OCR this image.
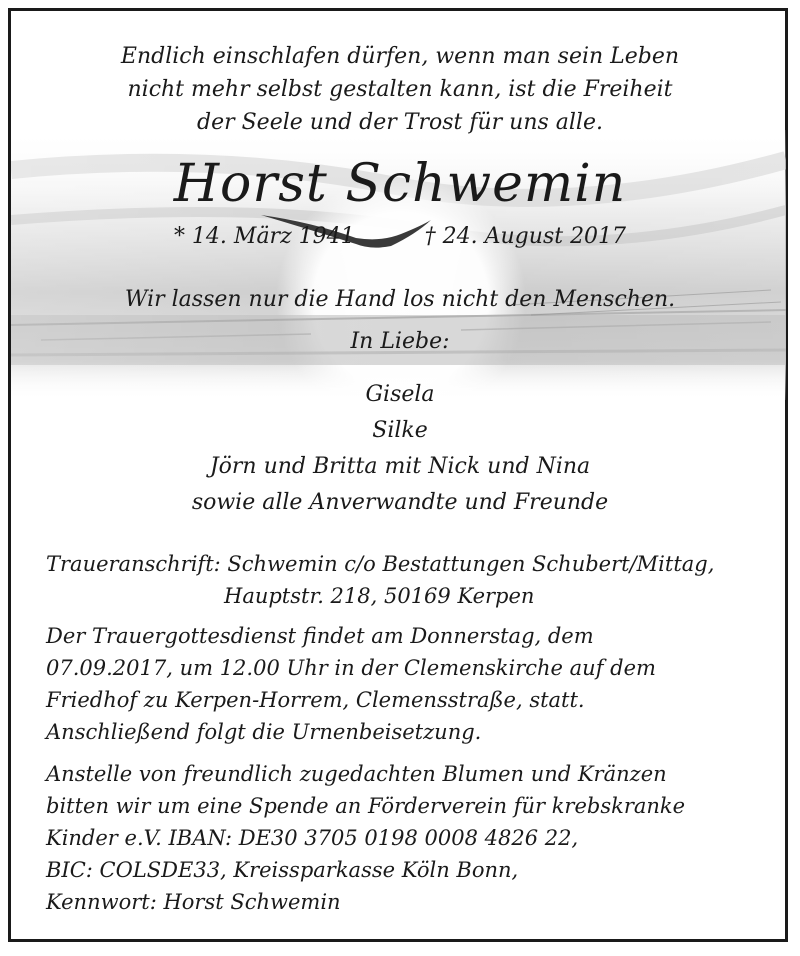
Endlich einschlafen dürfen, wenn man sein Leben
nicht mehr selbst gestalten kann, ist die Freiheit
der Seele und der Trost für uns alle.
Horst Schwemin
* 14. März 1941	† 24. August 2017
Wir lassen nur die Hand los nicht den Menschen.
In Liebe:
Gisela
Silke
Jörn und Britta mit Nick und Nina
sowie alle Anverwandte und Freunde
Traueranschrift: Schwemin c/o Bestattungen Schubert/Mittag,
Hauptstr. 218, 50169 Kerpen
Der Trauergottesdienst findet am Donnerstag, dem
07.09.2017, um 12.00 Uhr in der Clemenskirche auf dem
Friedhof zu Kerpen-Horrem, Clemensstraße, statt.
Anschließend folgt die Urnenbeisetzung.
Anstelle von freundlich zugedachten Blumen und Kränzen
bitten wir um eine Spende an Förderverein für krebskranke
Kinder e.V. IBAN: DE30 3705 0198 0008 4826 22,
BIC: COLSDE33, Kreissparkasse Köln Bonn,
Kennwort: Horst Schwemin
